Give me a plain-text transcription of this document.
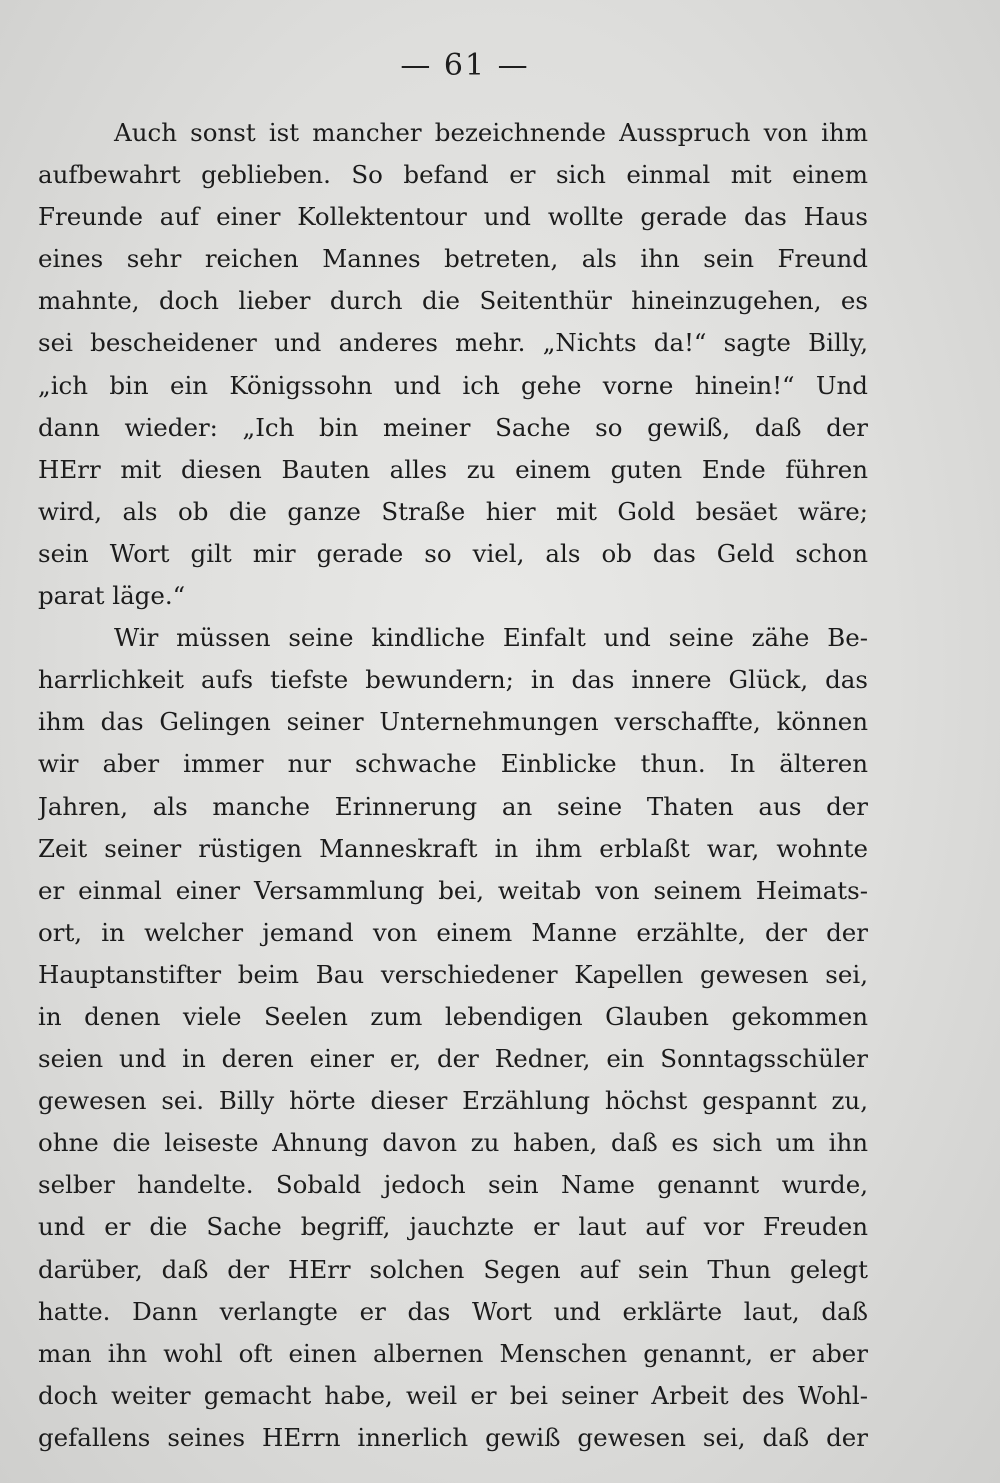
— 61 —
Auch sonst ist mancher bezeichnende Ausspruch von ihm
aufbewahrt geblieben. So befand er sich einmal mit einem
Freunde auf einer Kollektentour und wollte gerade das Haus
eines sehr reichen Mannes betreten, als ihn sein Freund
mahnte, doch lieber durch die Seitenthür hineinzugehen, es
sei bescheidener und anderes mehr. „Nichts da!“ sagte Billy,
„ich bin ein Königssohn und ich gehe vorne hinein!“ Und
dann wieder: „Ich bin meiner Sache so gewiß, daß der
HErr mit diesen Bauten alles zu einem guten Ende führen
wird, als ob die ganze Straße hier mit Gold besäet wäre;
sein Wort gilt mir gerade so viel, als ob das Geld schon
parat läge.“
Wir müssen seine kindliche Einfalt und seine zähe Be-
harrlichkeit aufs tiefste bewundern; in das innere Glück, das
ihm das Gelingen seiner Unternehmungen verschaffte, können
wir aber immer nur schwache Einblicke thun. In älteren
Jahren, als manche Erinnerung an seine Thaten aus der
Zeit seiner rüstigen Manneskraft in ihm erblaßt war, wohnte
er einmal einer Versammlung bei, weitab von seinem Heimats-
ort, in welcher jemand von einem Manne erzählte, der der
Hauptanstifter beim Bau verschiedener Kapellen gewesen sei,
in denen viele Seelen zum lebendigen Glauben gekommen
seien und in deren einer er, der Redner, ein Sonntagsschüler
gewesen sei. Billy hörte dieser Erzählung höchst gespannt zu,
ohne die leiseste Ahnung davon zu haben, daß es sich um ihn
selber handelte. Sobald jedoch sein Name genannt wurde,
und er die Sache begriff, jauchzte er laut auf vor Freuden
darüber, daß der HErr solchen Segen auf sein Thun gelegt
hatte. Dann verlangte er das Wort und erklärte laut, daß
man ihn wohl oft einen albernen Menschen genannt, er aber
doch weiter gemacht habe, weil er bei seiner Arbeit des Wohl-
gefallens seines HErrn innerlich gewiß gewesen sei, daß der
